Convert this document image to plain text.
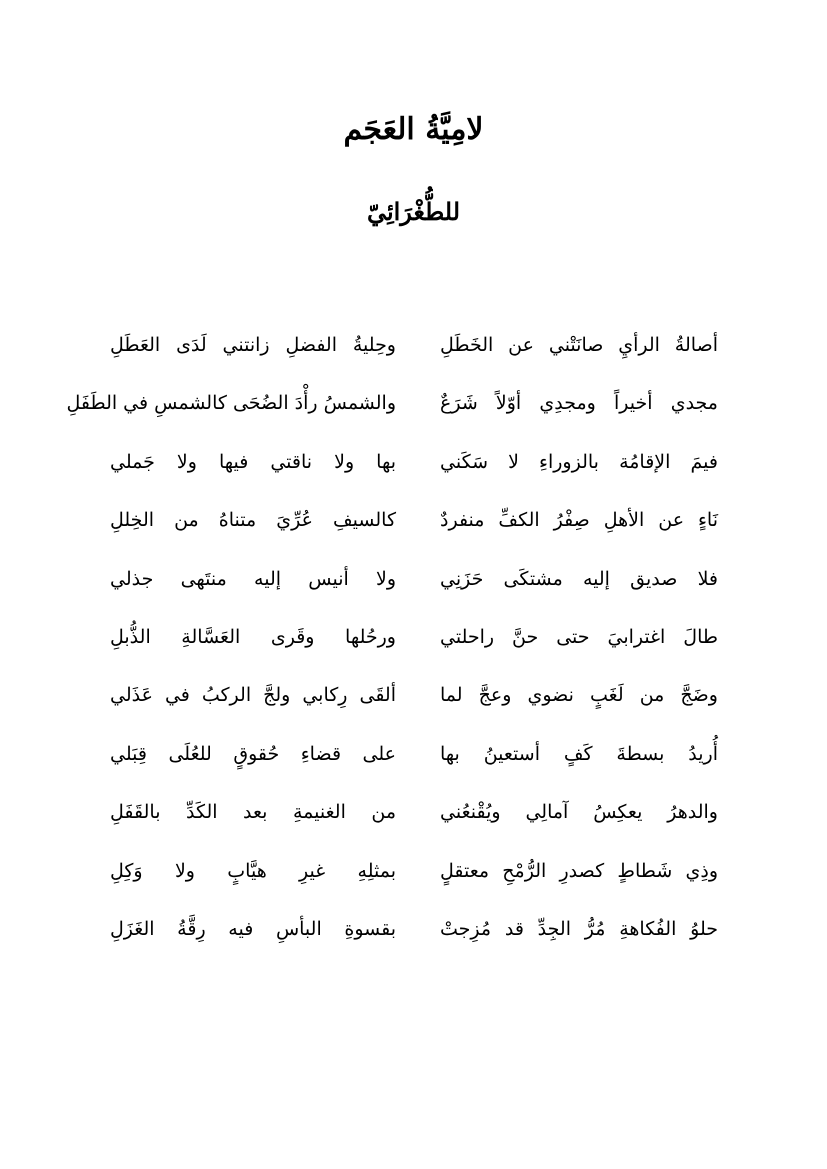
لامِيَّةُ العَجَم
للطُّغْرَائِيّ
أصالةُ الرأيِ صانَتْني عن الخَطَلِ
وحِليةُ الفضلِ زانتني لَدَى العَطَلِ
مجدي أخيراً ومجدِي أوّلاً شَرَعٌ
والشمسُ رأْدَ الضُحَى كالشمسِ في الطَفَلِ
فيمَ الإقامُة بالزوراءِ لا سَكَني
بها ولا ناقتي فيها ولا جَملي
نَاءٍ عن الأهلِ صِفْرُ الكفِّ منفردٌ
كالسيفِ عُرِّيَ متناهُ من الخِللِ
فلا صديق إليه مشتكَى حَزَنِي
ولا أنيس إليه منتَهى جذلي
طالَ اغترابيَ حتى حنَّ راحلتي
ورحُلها وقَرى العَسَّالةِ الذُّبلِ
وضَجَّ من لَغَبٍ نضوي وعجَّ لما
ألقَى رِكابي ولجَّ الركبُ في عَذَلي
أُريدُ بسطةَ كَفٍ أستعينُ بها
على قضاءِ حُقوقٍ للعُلَى قِبَلي
والدهرُ يعكِسُ آمالِي ويُقْنعُني
من الغنيمةِ بعد الكَدِّ بالقَفَلِ
وذِي شَطاطٍ كصدرِ الرُّمْحِ معتقلٍ
بمثلِهِ غيرِ هيَّابٍ ولا وَكِلِ
حلوُ الفُكاهةِ مُرُّ الجِدِّ قد مُزِجتْ
بقسوةِ البأسِ فيه رِقَّةُ الغَزَلِ
